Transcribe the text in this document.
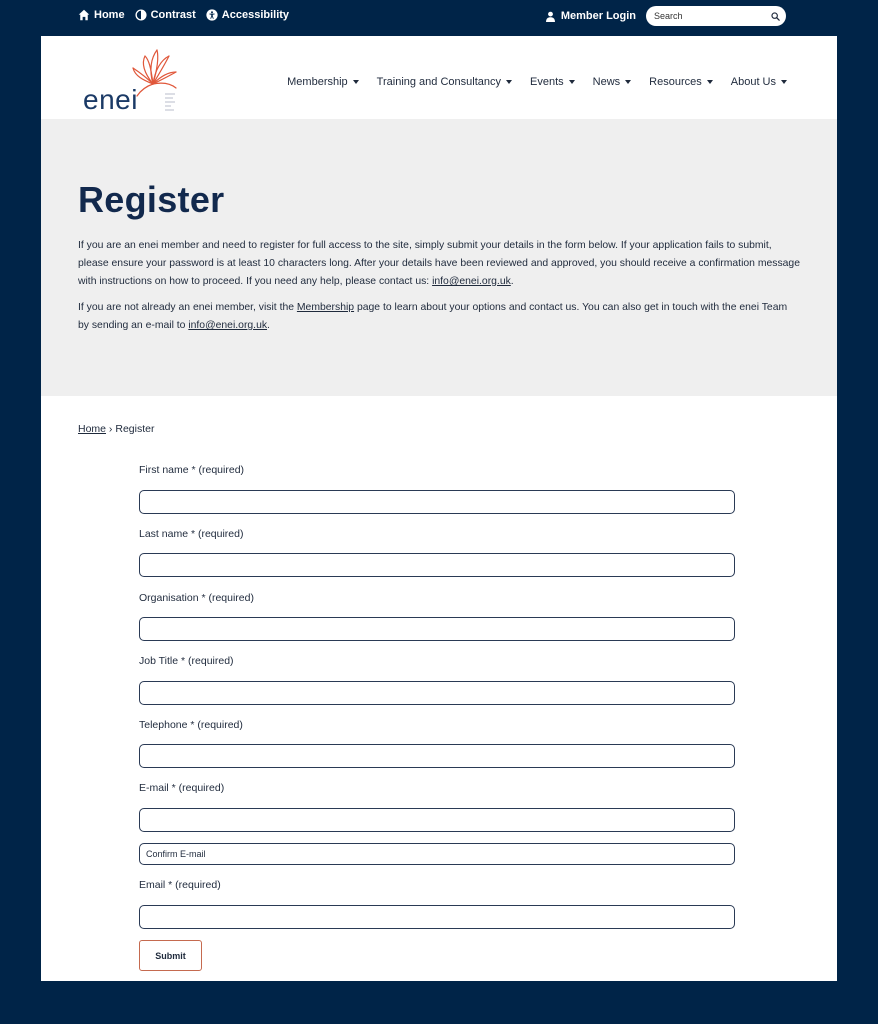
Home Contrast Accessibility	Member Login
Search
enei
Membership	Training and Consultancy	Events	News	Resources	About Us
Register

If you are an enei member and need to register for full access to the site, simply submit your details in the form below. If your application fails to submit, please ensure your password is at least 10 characters long. After your details have been reviewed and approved, you should receive a confirmation message with instructions on how to proceed. If you need any help, please contact us: info@enei.org.uk.

If you are not already an enei member, visit the Membership page to learn about your options and contact us. You can also get in touch with the enei Team by sending an e-mail to info@enei.org.uk.

Home › Register
First name * (required)
Last name * (required)
Organisation * (required)
Job Title * (required)
Telephone * (required)
E-mail * (required)
Confirm E-mail
Email * (required)
Submit
